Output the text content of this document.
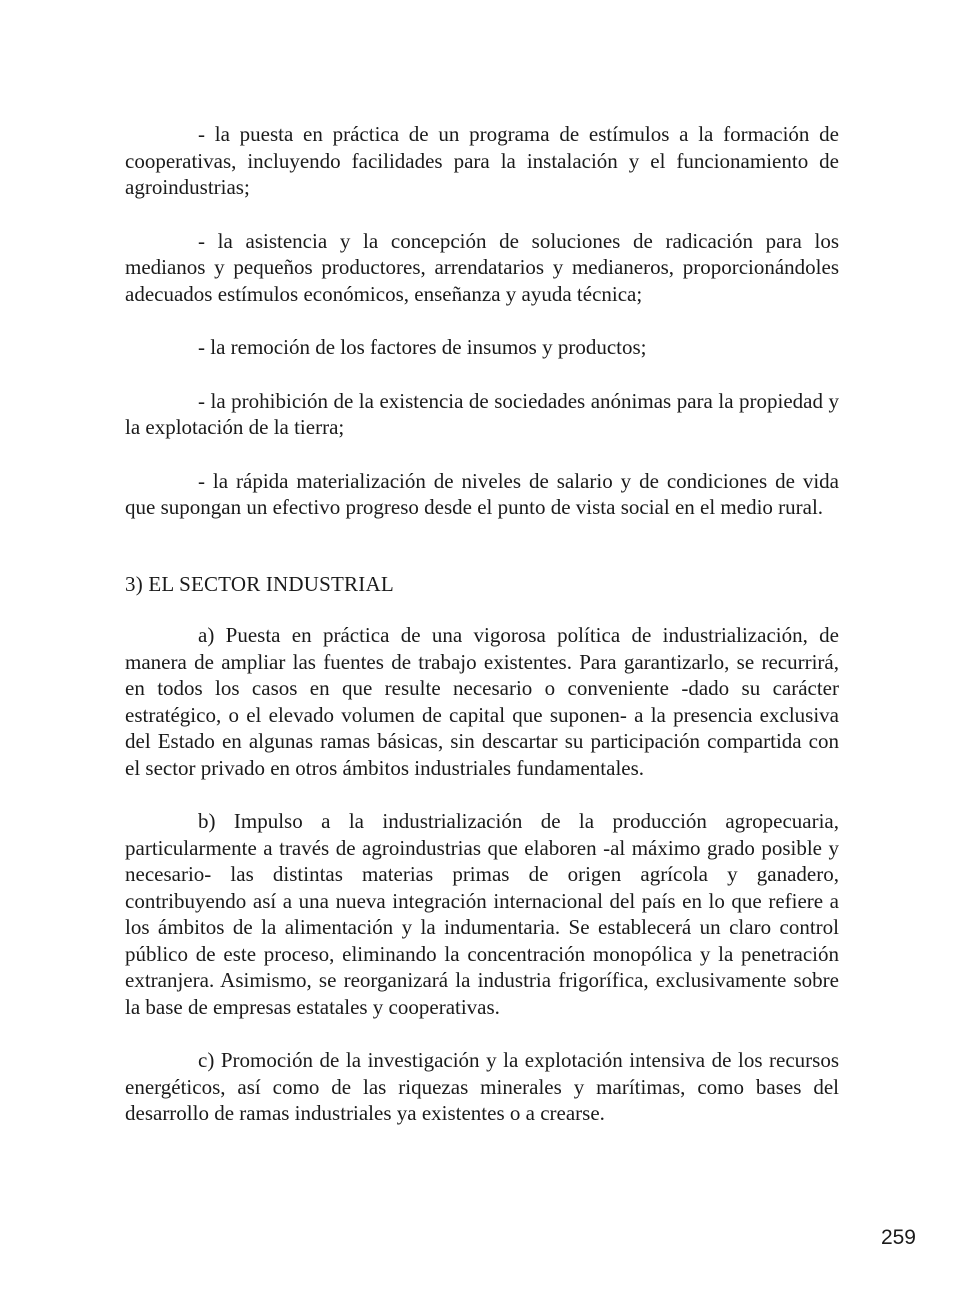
- la puesta en práctica de un programa de estímulos a la formación de cooperativas, incluyendo facilidades para la instalación y el funcionamiento de agroindustrias;

- la asistencia y la concepción de soluciones de radicación para los medianos y pequeños productores, arrendatarios y medianeros, proporcionándoles adecuados estímulos económicos, enseñanza y ayuda técnica;

- la remoción de los factores de insumos y productos;

- la prohibición de la existencia de sociedades anónimas para la propiedad y la explotación de la tierra;

- la rápida materialización de niveles de salario y de condiciones de vida que supongan un efectivo progreso desde el punto de vista social en el medio rural.

3) EL SECTOR INDUSTRIAL

a) Puesta en práctica de una vigorosa política de industrialización, de manera de ampliar las fuentes de trabajo existentes. Para garantizarlo, se recurrirá, en todos los casos en que resulte necesario o conveniente -dado su carácter estratégico, o el elevado volumen de capital que suponen- a la presencia exclusiva del Estado en algunas ramas básicas, sin descartar su participación compartida con el sector privado en otros ámbitos industriales fundamentales.

b) Impulso a la industrialización de la producción agropecuaria, particularmente a través de agroindustrias que elaboren -al máximo grado posible y necesario- las distintas materias primas de origen agrícola y ganadero, contribuyendo así a una nueva integración internacional del país en lo que refiere a los ámbitos de la alimentación y la indumentaria. Se establecerá un claro control público de este proceso, eliminando la concentración monopólica y la penetración extranjera. Asimismo, se reorganizará la industria frigorífica, exclusivamente sobre la base de empresas estatales y cooperativas.

c) Promoción de la investigación y la explotación intensiva de los recursos energéticos, así como de las riquezas minerales y marítimas, como bases del desarrollo de ramas industriales ya existentes o a crearse.

259
